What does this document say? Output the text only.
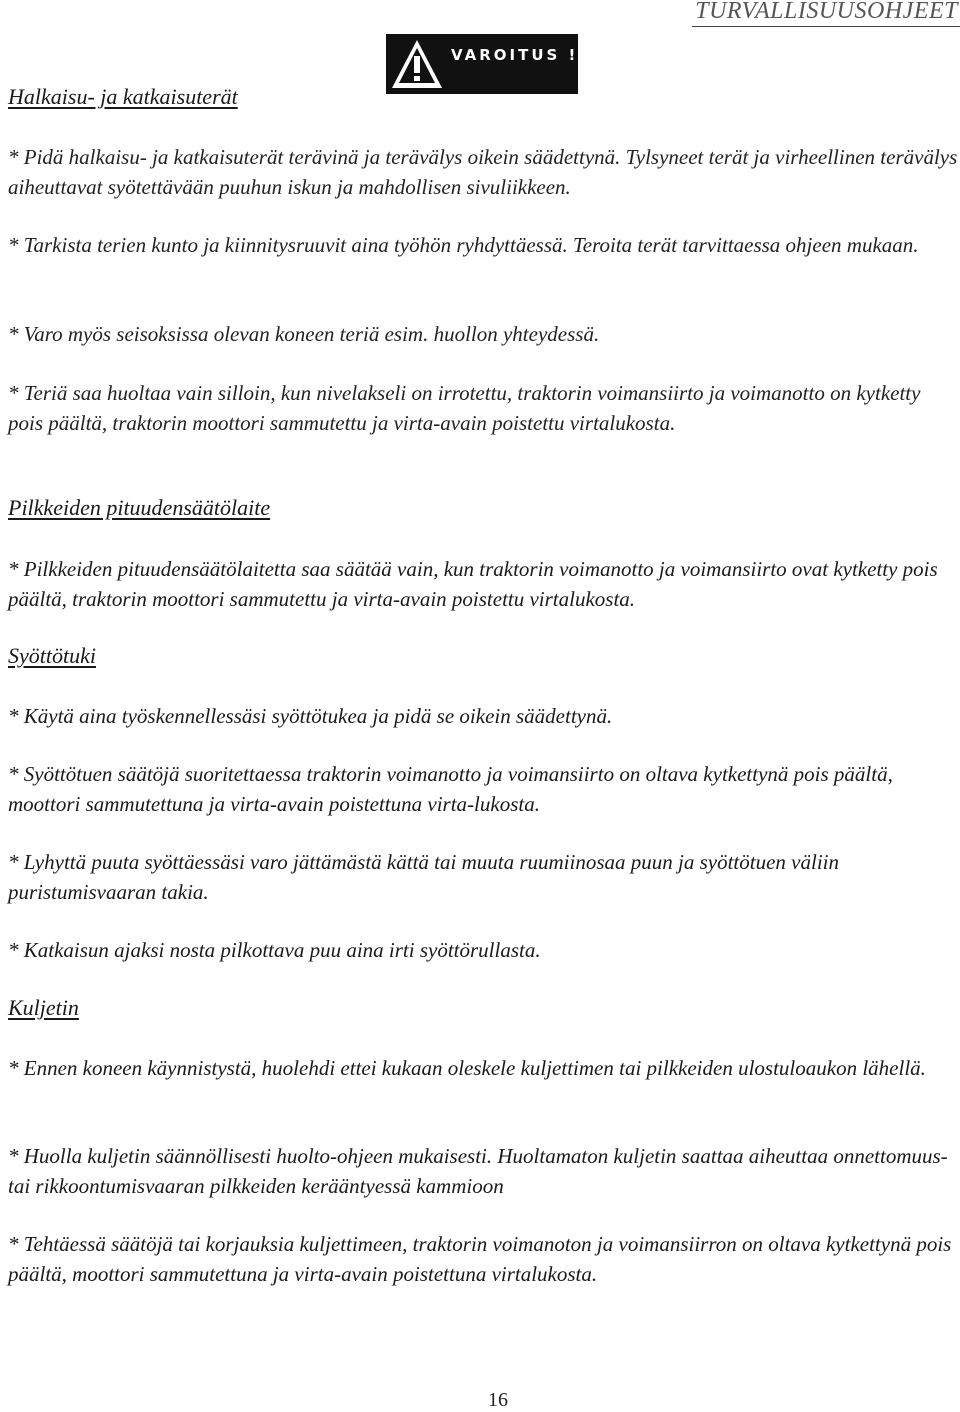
TURVALLISUUSOHJEET
VAROITUS !
Halkaisu- ja katkaisuterät

* Pidä halkaisu- ja katkaisuterät terävinä ja terävälys oikein säädettynä. Tylsyneet terät ja virheellinen terävälys aiheuttavat syötettävään puuhun iskun ja mahdollisen sivuliikkeen.

* Tarkista terien kunto ja kiinnitysruuvit aina työhön ryhdyttäessä. Teroita terät tarvittaessa ohjeen mukaan.

* Varo myös seisoksissa olevan koneen teriä esim. huollon yhteydessä.

* Teriä saa huoltaa vain silloin, kun nivelakseli on irrotettu, traktorin voimansiirto ja voimanotto on kytketty pois päältä, traktorin moottori sammutettu ja virta-avain poistettu virtalukosta.

Pilkkeiden pituudensäätölaite

* Pilkkeiden pituudensäätölaitetta saa säätää vain, kun traktorin voimanotto ja voimansiirto ovat kytketty pois päältä, traktorin moottori sammutettu ja virta-avain poistettu virtalukosta.

Syöttötuki

* Käytä aina työskennellessäsi syöttötukea ja pidä se oikein säädettynä.

* Syöttötuen säätöjä suoritettaessa traktorin voimanotto ja voimansiirto on oltava kytkettynä pois päältä, moottori sammutettuna ja virta-avain poistettuna virta-lukosta.

* Lyhyttä puuta syöttäessäsi varo jättämästä kättä tai muuta ruumiinosaa puun ja syöttötuen väliin puristumisvaaran takia.

* Katkaisun ajaksi nosta pilkottava puu aina irti syöttörullasta.

Kuljetin

* Ennen koneen käynnistystä, huolehdi ettei kukaan oleskele kuljettimen tai pilkkeiden ulostuloaukon lähellä.

* Huolla kuljetin säännöllisesti huolto-ohjeen mukaisesti. Huoltamaton kuljetin saattaa aiheuttaa onnettomuus- tai rikkoontumisvaaran pilkkeiden kerääntyessä kammioon

* Tehtäessä säätöjä tai korjauksia kuljettimeen, traktorin voimanoton ja voimansiirron on oltava kytkettynä pois päältä, moottori sammutettuna ja virta-avain poistettuna virtalukosta.

16
